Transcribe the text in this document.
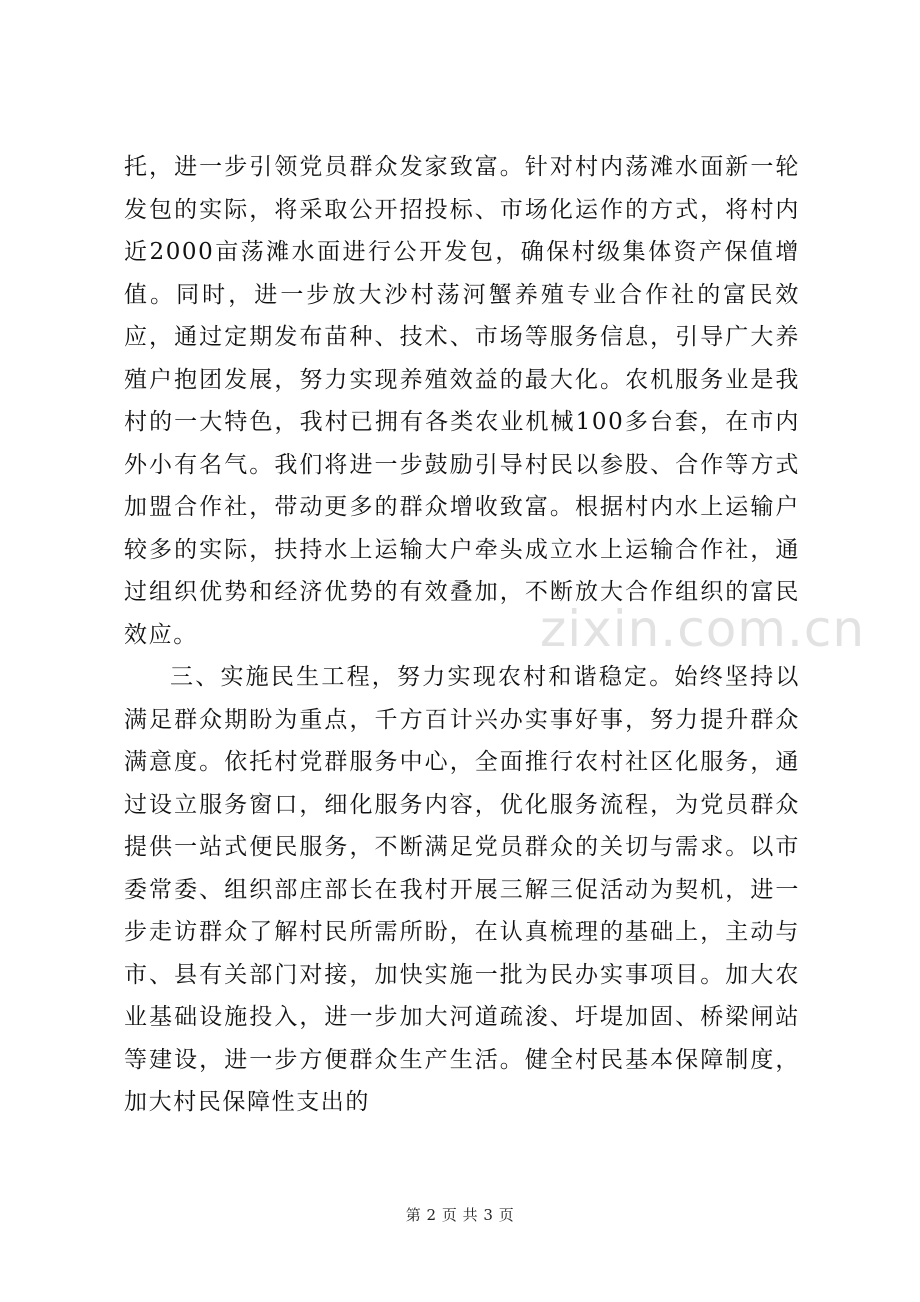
托，进一步引领党员群众发家致富。针对村内荡滩水面新一轮发包的实际，将采取公开招投标、市场化运作的方式，将村内近2000亩荡滩水面进行公开发包，确保村级集体资产保值增值。同时，进一步放大沙村荡河蟹养殖专业合作社的富民效应，通过定期发布苗种、技术、市场等服务信息，引导广大养殖户抱团发展，努力实现养殖效益的最大化。农机服务业是我村的一大特色，我村已拥有各类农业机械100多台套，在市内外小有名气。我们将进一步鼓励引导村民以参股、合作等方式加盟合作社，带动更多的群众增收致富。根据村内水上运输户较多的实际，扶持水上运输大户牵头成立水上运输合作社，通过组织优势和经济优势的有效叠加，不断放大合作组织的富民效应。

三、实施民生工程，努力实现农村和谐稳定。始终坚持以满足群众期盼为重点，千方百计兴办实事好事，努力提升群众满意度。依托村党群服务中心，全面推行农村社区化服务，通过设立服务窗口，细化服务内容，优化服务流程，为党员群众提供一站式便民服务，不断满足党员群众的关切与需求。以市委常委、组织部庄部长在我村开展三解三促活动为契机，进一步走访群众了解村民所需所盼，在认真梳理的基础上，主动与市、县有关部门对接，加快实施一批为民办实事项目。加大农业基础设施投入，进一步加大河道疏浚、圩堤加固、桥梁闸站等建设，进一步方便群众生产生活。健全村民基本保障制度，加大村民保障性支出的

zixin.com.cn
第 2 页 共 3 页
